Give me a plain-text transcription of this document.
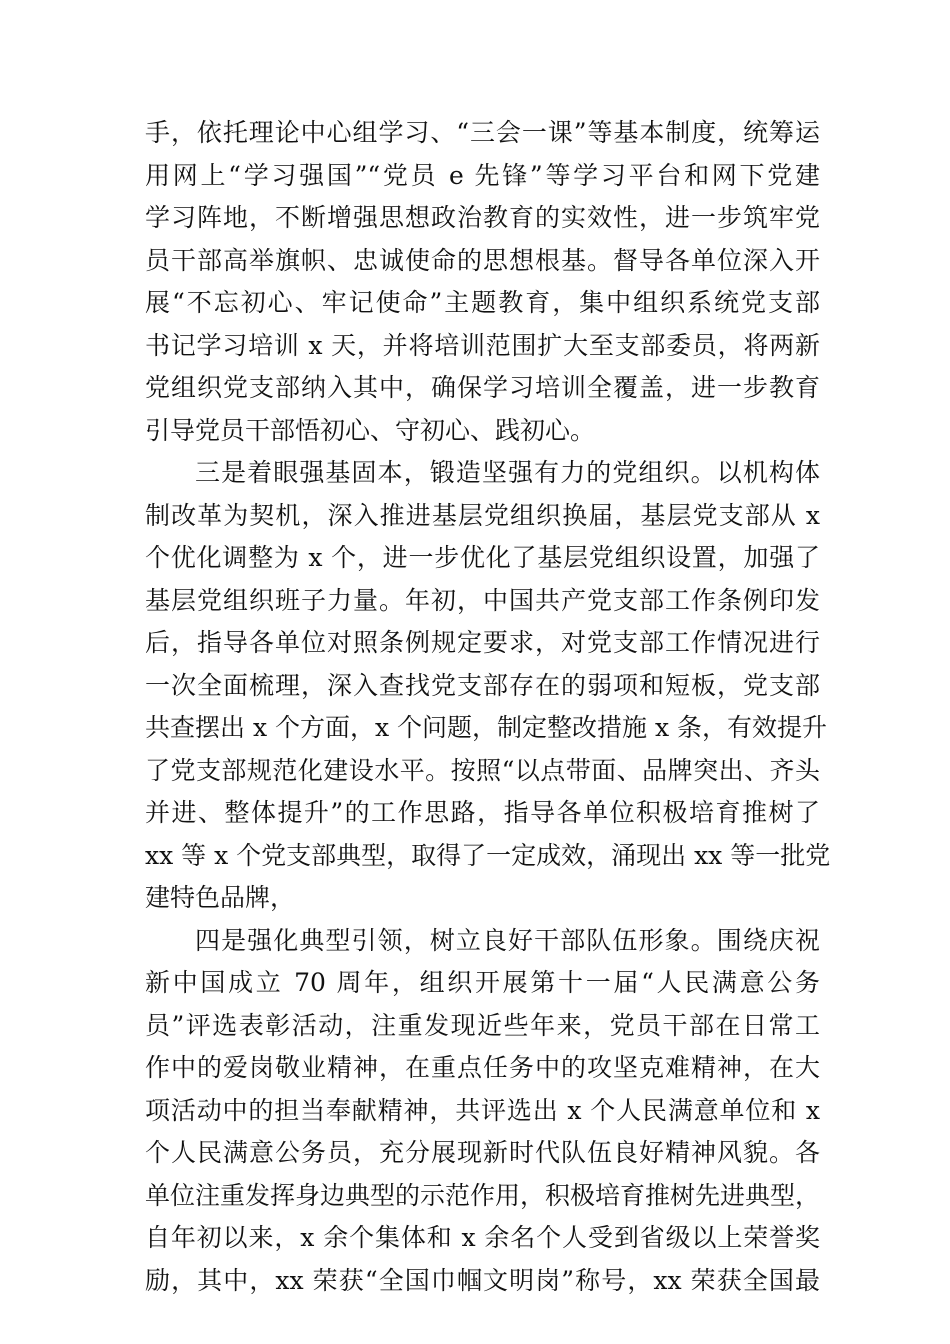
手，依托理论中心组学习、“三会一课”等基本制度，统筹运
用网上“学习强国”“党员 e 先锋”等学习平台和网下党建
学习阵地，不断增强思想政治教育的实效性，进一步筑牢党
员干部高举旗帜、忠诚使命的思想根基。督导各单位深入开
展“不忘初心、牢记使命”主题教育，集中组织系统党支部
书记学习培训 x 天，并将培训范围扩大至支部委员，将两新
党组织党支部纳入其中，确保学习培训全覆盖，进一步教育
引导党员干部悟初心、守初心、践初心。
三是着眼强基固本，锻造坚强有力的党组织。以机构体
制改革为契机，深入推进基层党组织换届，基层党支部从 x
个优化调整为 x 个，进一步优化了基层党组织设置，加强了
基层党组织班子力量。年初，中国共产党支部工作条例印发
后，指导各单位对照条例规定要求，对党支部工作情况进行
一次全面梳理，深入查找党支部存在的弱项和短板，党支部
共查摆出 x 个方面，x 个问题，制定整改措施 x 条，有效提升
了党支部规范化建设水平。按照“以点带面、品牌突出、齐头
并进、整体提升”的工作思路，指导各单位积极培育推树了
xx 等 x 个党支部典型，取得了一定成效，涌现出 xx 等一批党
建特色品牌，
四是强化典型引领，树立良好干部队伍形象。围绕庆祝
新中国成立 70 周年，组织开展第十一届“人民满意公务
员”评选表彰活动，注重发现近些年来，党员干部在日常工
作中的爱岗敬业精神，在重点任务中的攻坚克难精神，在大
项活动中的担当奉献精神，共评选出 x 个人民满意单位和 x
个人民满意公务员，充分展现新时代队伍良好精神风貌。各
单位注重发挥身边典型的示范作用，积极培育推树先进典型，
自年初以来，x 余个集体和 x 余名个人受到省级以上荣誉奖
励，其中，xx 荣获“全国巾帼文明岗”称号，xx 荣获全国最
